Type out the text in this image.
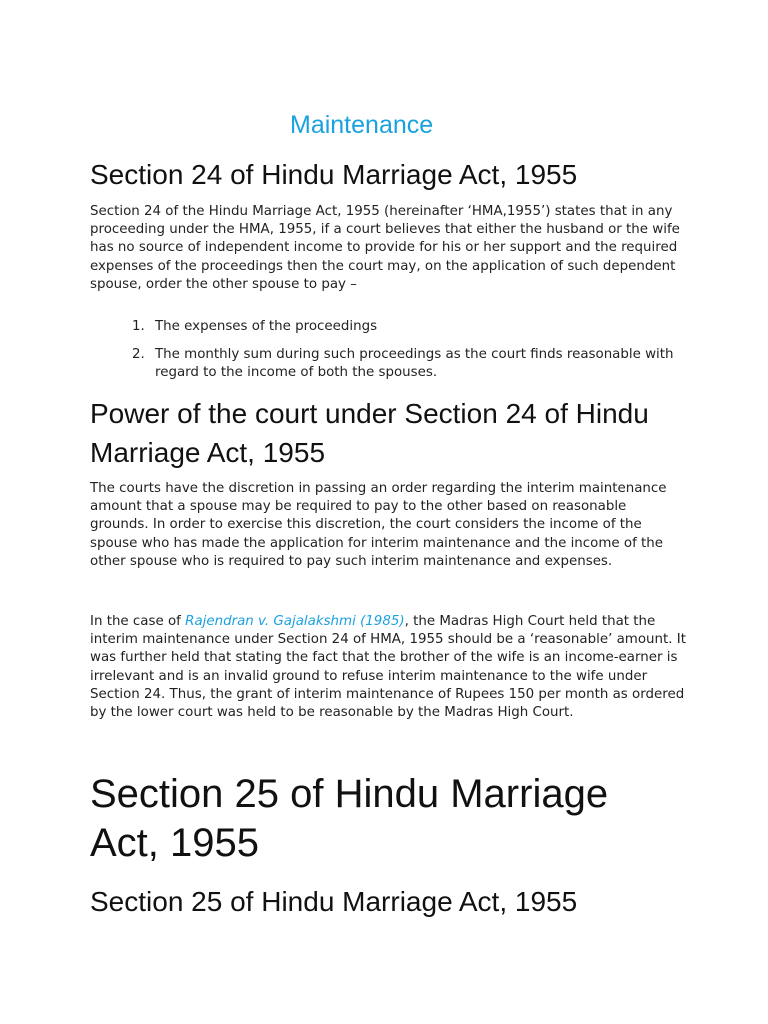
Maintenance
Section 24 of Hindu Marriage Act, 1955

Section 24 of the Hindu Marriage Act, 1955 (hereinafter ‘HMA,1955’) states that in any proceeding under the HMA, 1955, if a court believes that either the husband or the wife has no source of independent income to provide for his or her support and the required expenses of the proceedings then the court may, on the application of such dependent spouse, order the other spouse to pay –

1. The expenses of the proceedings
2. The monthly sum during such proceedings as the court finds reasonable with regard to the income of both the spouses.
Power of the court under Section 24 of Hindu Marriage Act, 1955

The courts have the discretion in passing an order regarding the interim maintenance amount that a spouse may be required to pay to the other based on reasonable grounds. In order to exercise this discretion, the court considers the income of the spouse who has made the application for interim maintenance and the income of the other spouse who is required to pay such interim maintenance and expenses.

In the case of Rajendran v. Gajalakshmi (1985), the Madras High Court held that the interim maintenance under Section 24 of HMA, 1955 should be a ‘reasonable’ amount. It was further held that stating the fact that the brother of the wife is an income-earner is irrelevant and is an invalid ground to refuse interim maintenance to the wife under Section 24. Thus, the grant of interim maintenance of Rupees 150 per month as ordered by the lower court was held to be reasonable by the Madras High Court.

Section 25 of Hindu Marriage Act, 1955
Section 25 of Hindu Marriage Act, 1955
